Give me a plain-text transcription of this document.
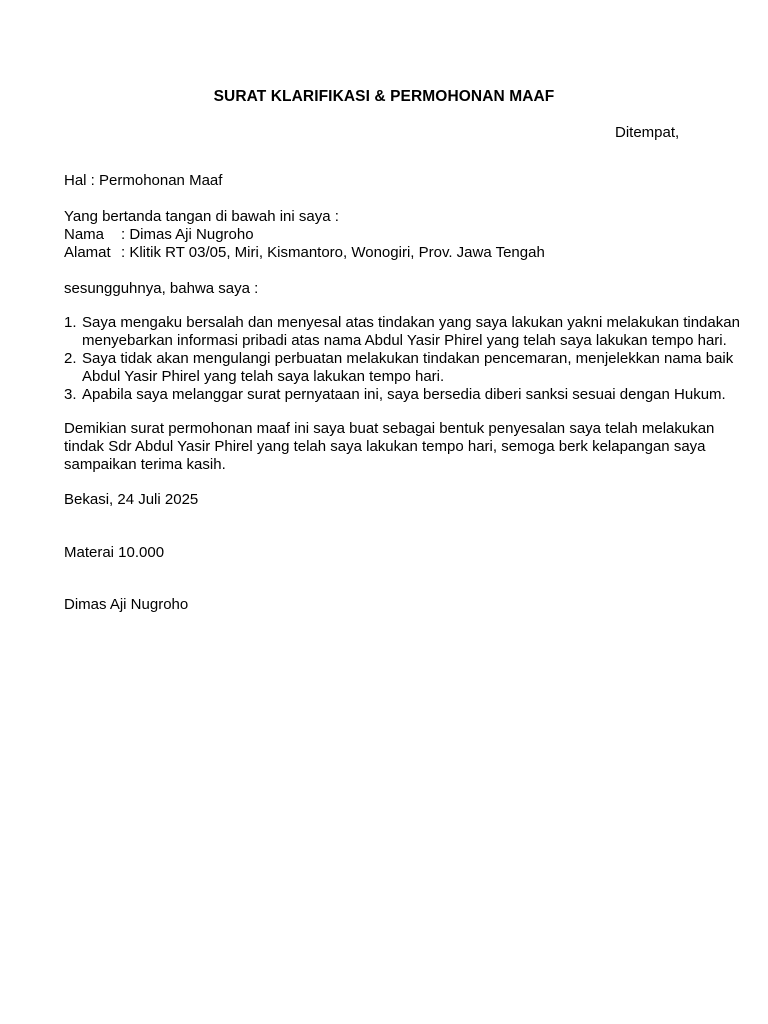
SURAT KLARIFIKASI & PERMOHONAN MAAF
Ditempat,
Hal : Permohonan Maaf
Yang bertanda tangan di bawah ini saya :
Nama : Dimas Aji Nugroho
Alamat : Klitik RT 03/05, Miri, Kismantoro, Wonogiri, Prov. Jawa Tengah
sesungguhnya, bahwa saya :
1. Saya mengaku bersalah dan menyesal atas tindakan yang saya lakukan yakni melakukan tindakan
menyebarkan informasi pribadi atas nama Abdul Yasir Phirel yang telah saya lakukan tempo hari.
2. Saya tidak akan mengulangi perbuatan melakukan tindakan pencemaran, menjelekkan nama baik
Abdul Yasir Phirel yang telah saya lakukan tempo hari.
3. Apabila saya melanggar surat pernyataan ini, saya bersedia diberi sanksi sesuai dengan Hukum.
Demikian surat permohonan maaf ini saya buat sebagai bentuk penyesalan saya telah melakukan
tindak Sdr Abdul Yasir Phirel yang telah saya lakukan tempo hari, semoga berk kelapangan saya
sampaikan terima kasih.
Bekasi, 24 Juli 2025
Materai 10.000
Dimas Aji Nugroho
